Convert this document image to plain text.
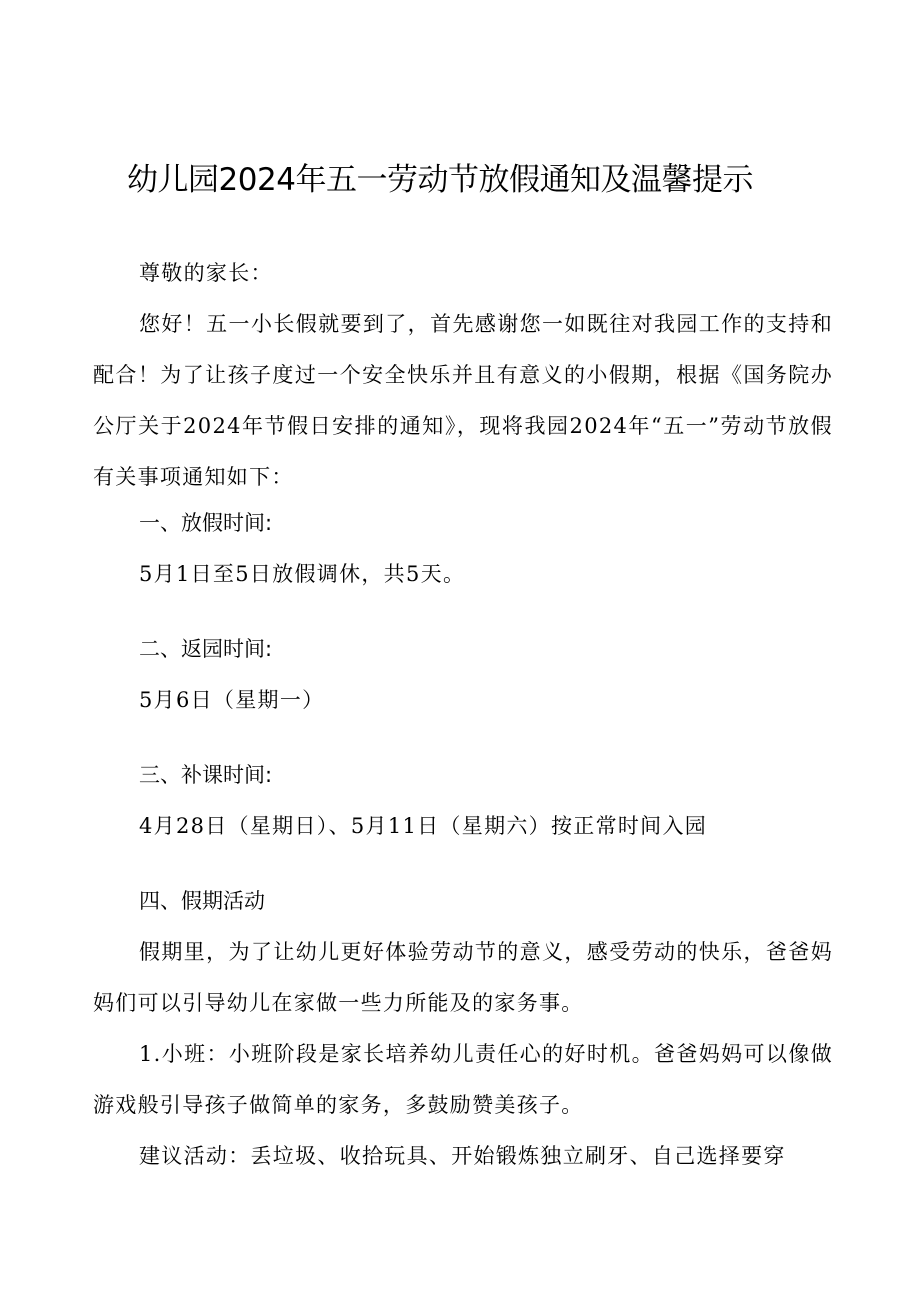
幼儿园2024年五一劳动节放假通知及温馨提示

尊敬的家长：

您好！五一小长假就要到了，首先感谢您一如既往对我园工作的支持和配合！为了让孩子度过一个安全快乐并且有意义的小假期，根据《国务院办公厅关于2024年节假日安排的通知》，现将我园2024年“五一”劳动节放假有关事项通知如下：

一、放假时间:

5月1日至5日放假调休，共5天。

二、返园时间:

5月6日（星期一）

三、补课时间:

4月28日（星期日）、5月11日（星期六）按正常时间入园

四、假期活动

假期里，为了让幼儿更好体验劳动节的意义，感受劳动的快乐，爸爸妈妈们可以引导幼儿在家做一些力所能及的家务事。

1.小班：小班阶段是家长培养幼儿责任心的好时机。爸爸妈妈可以像做游戏般引导孩子做简单的家务，多鼓励赞美孩子。

建议活动：丢垃圾、收拾玩具、开始锻炼独立刷牙、自己选择要穿
